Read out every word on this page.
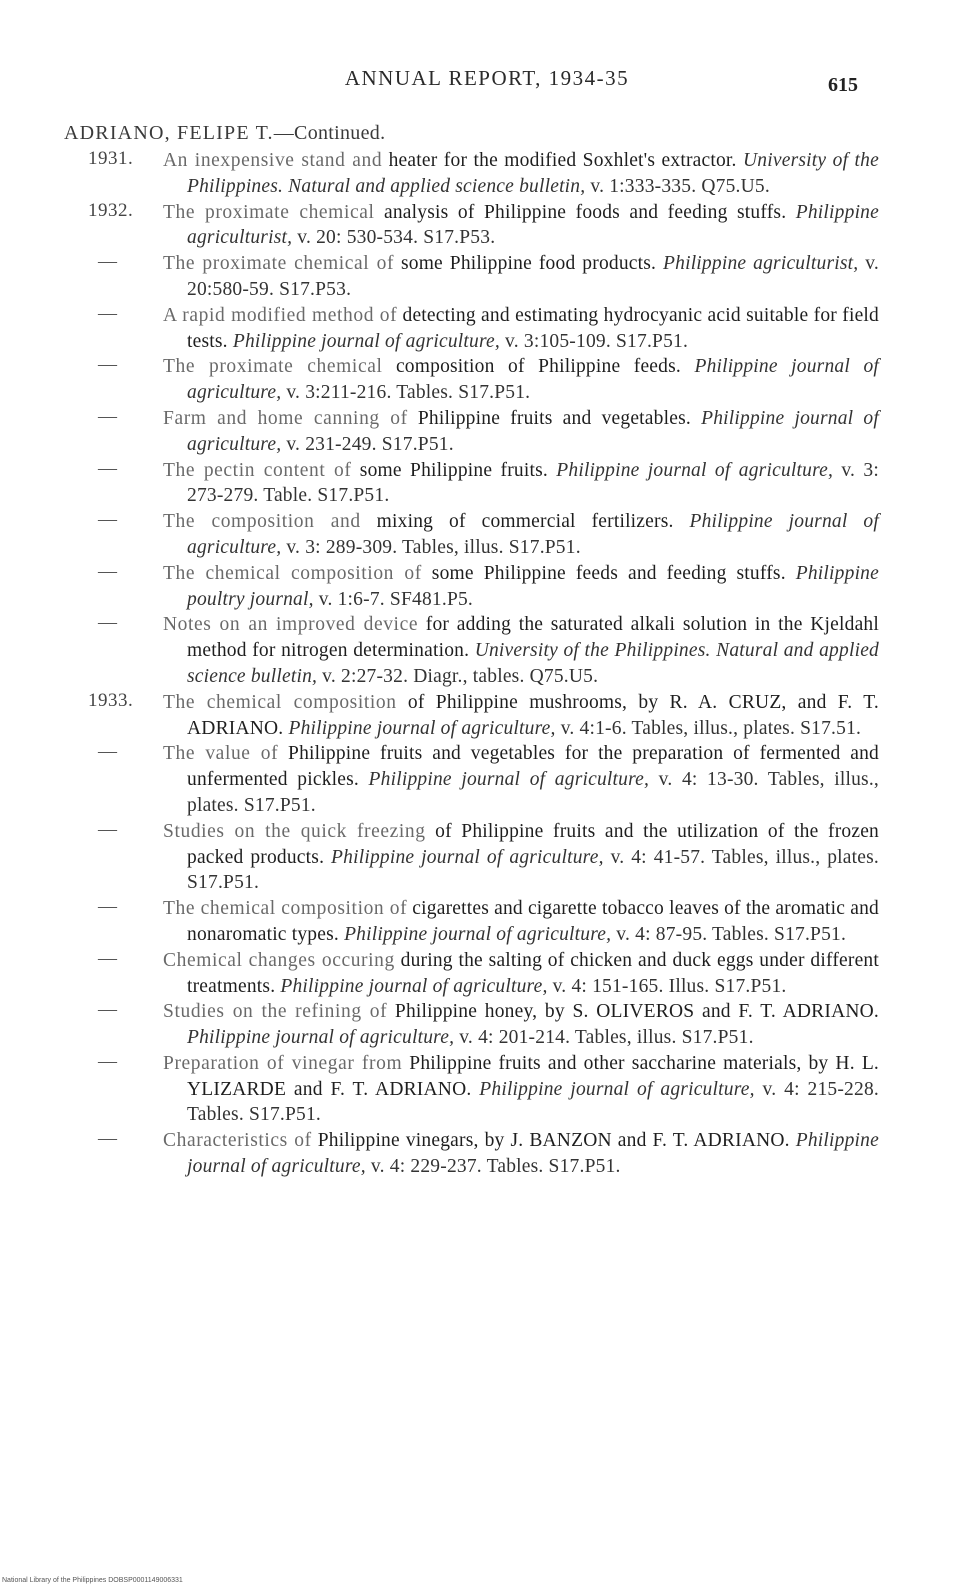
ANNUAL REPORT, 1934-35	615
ADRIANO, FELIPE T.—Continued.
1931. An inexpensive stand and heater for the modified Soxhlet's extractor. University of the Philippines. Natural and applied science bulletin, v. 1:333-335. Q75.U5.
1932. The proximate chemical analysis of Philippine foods and feeding stuffs. Philippine agriculturist, v. 20: 530-534. S17.P53.
— The proximate chemical of some Philippine food products. Philippine agriculturist, v. 20:580-59. S17.P53.
— A rapid modified method of detecting and estimating hydrocyanic acid suitable for field tests. Philippine journal of agriculture, v. 3:105-109. S17.P51.
— The proximate chemical composition of Philippine feeds. Philippine journal of agriculture, v. 3:211-216. Tables. S17.P51.
— Farm and home canning of Philippine fruits and vegetables. Philippine journal of agriculture, v. 231-249. S17.P51.
— The pectin content of some Philippine fruits. Philippine journal of agriculture, v. 3: 273-279. Table. S17.P51.
— The composition and mixing of commercial fertilizers. Philippine journal of agriculture, v. 3: 289-309. Tables, illus. S17.P51.
— The chemical composition of some Philippine feeds and feeding stuffs. Philippine poultry journal, v. 1:6-7. SF481.P5.
— Notes on an improved device for adding the saturated alkali solution in the Kjeldahl method for nitrogen determination. University of the Philippines. Natural and applied science bulletin, v. 2:27-32. Diagr., tables. Q75.U5.
1933. The chemical composition of Philippine mushrooms, by R. A. CRUZ, and F. T. ADRIANO. Philippine journal of agriculture, v. 4:1-6. Tables, illus., plates. S17.51.
— The value of Philippine fruits and vegetables for the preparation of fermented and unfermented pickles. Philippine journal of agriculture, v. 4: 13-30. Tables, illus., plates. S17.P51.
— Studies on the quick freezing of Philippine fruits and the utilization of the frozen packed products. Philippine journal of agriculture, v. 4: 41-57. Tables, illus., plates. S17.P51.
— The chemical composition of cigarettes and cigarette tobacco leaves of the aromatic and nonaromatic types. Philippine journal of agriculture, v. 4: 87-95. Tables. S17.P51.
— Chemical changes occuring during the salting of chicken and duck eggs under different treatments. Philippine journal of agriculture, v. 4: 151-165. Illus. S17.P51.
— Studies on the refining of Philippine honey, by S. OLIVEROS and F. T. ADRIANO. Philippine journal of agriculture, v. 4: 201-214. Tables, illus. S17.P51.
— Preparation of vinegar from Philippine fruits and other saccharine materials, by H. L. YLIZARDE and F. T. ADRIANO. Philippine journal of agriculture, v. 4: 215-228. Tables. S17.P51.
— Characteristics of Philippine vinegars, by J. BANZON and F. T. ADRIANO. Philippine journal of agriculture, v. 4: 229-237. Tables. S17.P51.
National Library of the Philippines DOBSP0001149006331
